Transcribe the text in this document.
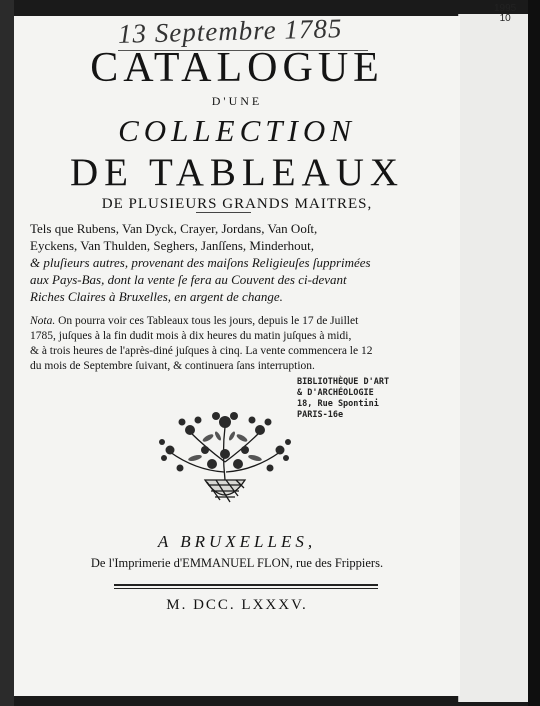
1995
10
13 Septembre 1785
CATALOGUE
D'UNE
COLLECTION
DE TABLEAUX
DE PLUSIEURS GRANDS MAITRES,
Tels que Rubens, Van Dyck, Crayer, Jordans, Van Ooſt,
Eyckens, Van Thulden, Seghers, Janſſens, Minderhout,
& pluſieurs autres, provenant des maiſons Religieuſes ſupprimées
aux Pays-Bas, dont la vente ſe fera au Couvent des ci-devant
Riches Claires à Bruxelles, en argent de change.
Nota. On pourra voir ces Tableaux tous les jours, depuis le 17 de Juillet
1785, juſques à la fin dudit mois à dix heures du matin juſques à midi,
& à trois heures de l'après-diné juſques à cinq. La vente commencera le 12
du mois de Septembre ſuivant, & continuera ſans interruption.
BIBLIOTHÈQUE D'ART
& D'ARCHÉOLOGIE
18, Rue Spontini
PARIS-16e
A BRUXELLES,
De l'Imprimerie d'EMMANUEL FLON, rue des Frippiers.
M. DCC. LXXXV.
